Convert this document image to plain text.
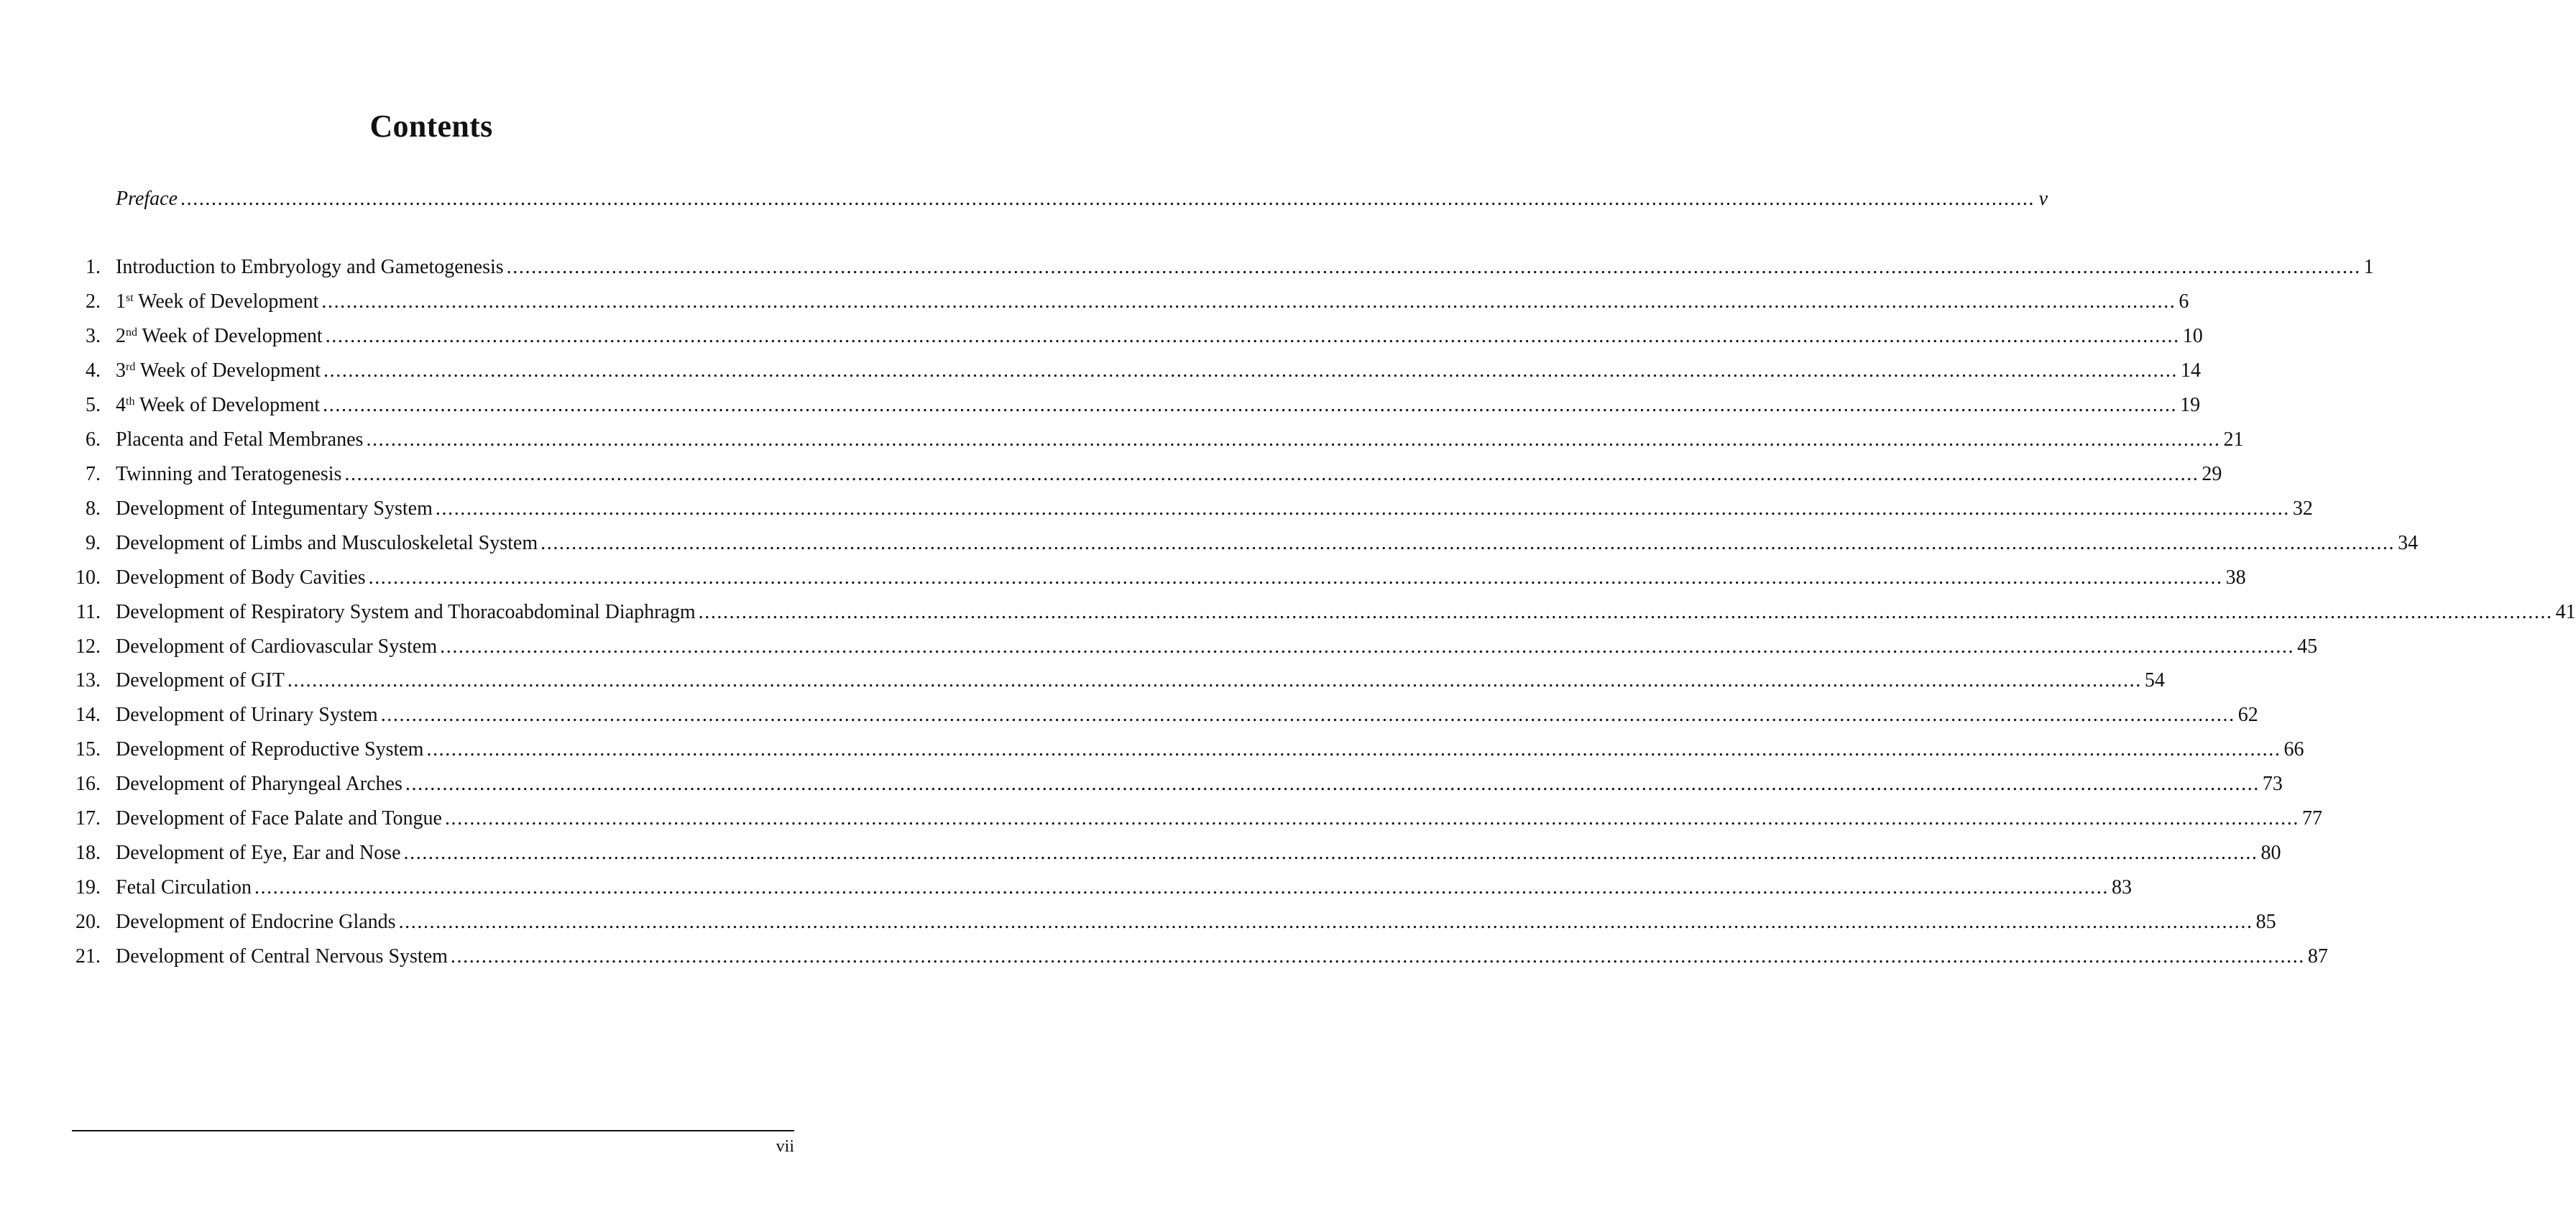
Contents
Preface ............................................................................................................................................................................................................................................................................................................ v
1. Introduction to Embryology and Gametogenesis ............................................................................................................................................................................................................................................................................................................ 1
2. 1st Week of Development ............................................................................................................................................................................................................................................................................................................ 6
3. 2nd Week of Development ............................................................................................................................................................................................................................................................................................................ 10
4. 3rd Week of Development ............................................................................................................................................................................................................................................................................................................ 14
5. 4th Week of Development ............................................................................................................................................................................................................................................................................................................ 19
6. Placenta and Fetal Membranes ............................................................................................................................................................................................................................................................................................................ 21
7. Twinning and Teratogenesis ............................................................................................................................................................................................................................................................................................................ 29
8. Development of Integumentary System ............................................................................................................................................................................................................................................................................................................ 32
9. Development of Limbs and Musculoskeletal System ............................................................................................................................................................................................................................................................................................................ 34
10. Development of Body Cavities ............................................................................................................................................................................................................................................................................................................ 38
11. Development of Respiratory System and Thoracoabdominal Diaphragm ............................................................................................................................................................................................................................................................................................................ 41
12. Development of Cardiovascular System ............................................................................................................................................................................................................................................................................................................ 45
13. Development of GIT ............................................................................................................................................................................................................................................................................................................ 54
14. Development of Urinary System ............................................................................................................................................................................................................................................................................................................ 62
15. Development of Reproductive System ............................................................................................................................................................................................................................................................................................................ 66
16. Development of Pharyngeal Arches ............................................................................................................................................................................................................................................................................................................ 73
17. Development of Face Palate and Tongue ............................................................................................................................................................................................................................................................................................................ 77
18. Development of Eye, Ear and Nose ............................................................................................................................................................................................................................................................................................................ 80
19. Fetal Circulation ............................................................................................................................................................................................................................................................................................................ 83
20. Development of Endocrine Glands ............................................................................................................................................................................................................................................................................................................ 85
21. Development of Central Nervous System ............................................................................................................................................................................................................................................................................................................ 87
vii
